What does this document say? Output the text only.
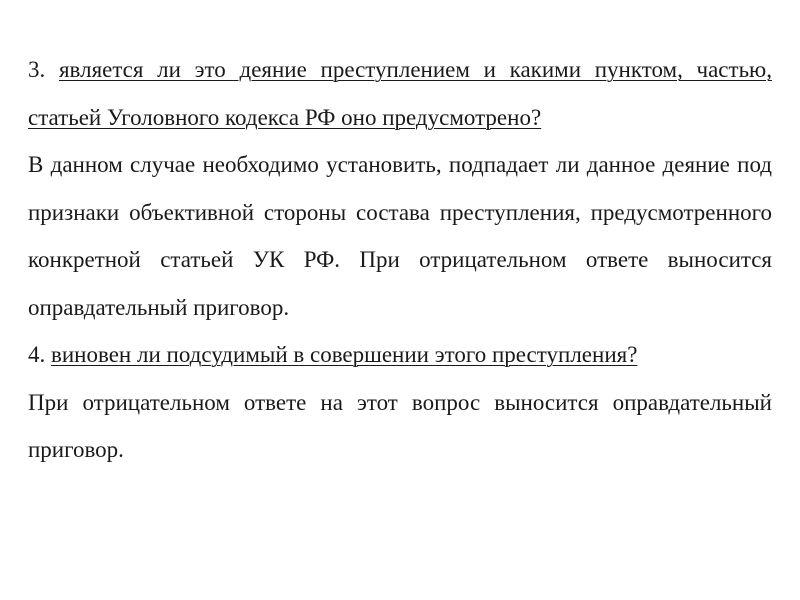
3. является ли это деяние преступлением и какими пунктом, частью, статьей Уголовного кодекса РФ оно предусмотрено?

В данном случае необходимо установить, подпадает ли данное деяние под признаки объективной стороны состава преступления, предусмотренного конкретной статьей УК РФ. При отрицательном ответе выносится оправдательный приговор.

4. виновен ли подсудимый в совершении этого преступления?

При отрицательном ответе на этот вопрос выносится оправдательный приговор.
